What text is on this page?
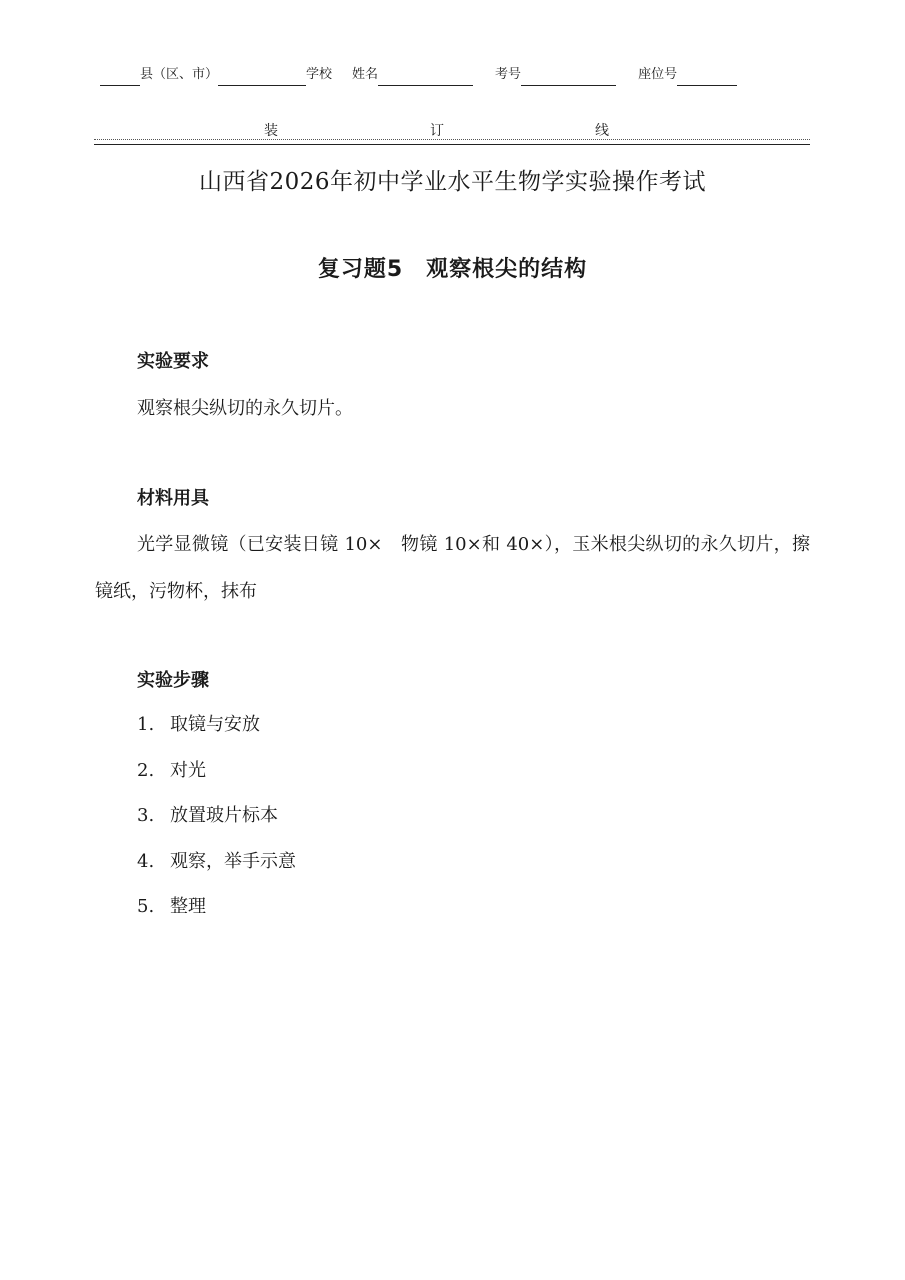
县（区、市）	学校 姓名	考号	座位号
装	订	线
山西省2026年初中学业水平生物学实验操作考试
复习题5　观察根尖的结构
实验要求
观察根尖纵切的永久切片。
材料用具
光学显微镜（已安装日镜 10×　物镜 10×和 40×），玉米根尖纵切的永久切片，擦镜纸，污物杯，抹布
实验步骤
1. 取镜与安放
2. 对光
3. 放置玻片标本
4. 观察，举手示意
5. 整理
